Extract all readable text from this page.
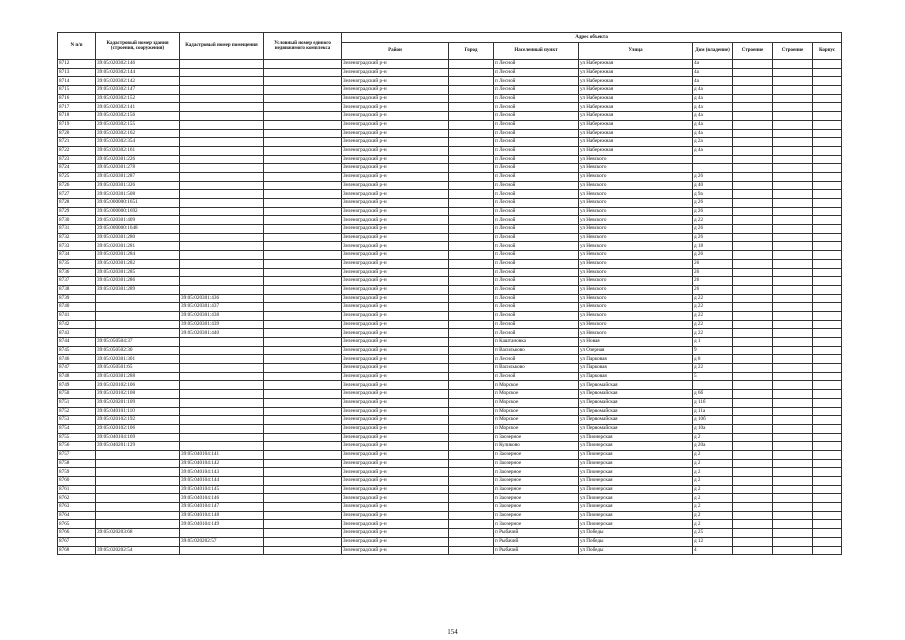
N п/п	Кадастровый номер здания (строения, сооружения)	Кадастровый номер помещения	Условный номер единого недвижимого комплекса	Адрес объекта							
				Район	Город	Населенный пункт	Улица	Дом (владение)	Строение	Строение	Корпус
8712	39:05:020302:146			Зеленоградский р-н		п Лесной	ул Набережная	4а			
8713	39:05:020302:144			Зеленоградский р-н		п Лесной	ул Набережная	4а			
8714	39:05:020302:142			Зеленоградский р-н		п Лесной	ул Набережная	4а			
8715	39:05:020302:147			Зеленоградский р-н		п Лесной	ул Набережная	д 4а			
8716	39:05:020302:152			Зеленоградский р-н		п Лесной	ул Набережная	д 4а			
8717	39:05:020302:141			Зеленоградский р-н		п Лесной	ул Набережная	д 4а			
8718	39:05:020302:156			Зеленоградский р-н		п Лесной	ул Набережная	д 4а			
8719	39:05:020302:155			Зеленоградский р-н		п Лесной	ул Набережная	д 4а			
8720	39:05:020302:162			Зеленоградский р-н		п Лесной	ул Набережная	д 4а			
8721	39:05:020302:354			Зеленоградский р-н		п Лесной	ул Набережная	д 2а			
8722	39:05:020302:161			Зеленоградский р-н		п Лесной	ул Набережная	д 4а			
8723	39:05:020301:226			Зеленоградский р-н		п Лесной	ул Невского				
8724	39:05:020301:278			Зеленоградский р-н		п Лесной	ул Невского				
8725	39:05:020301:287			Зеленоградский р-н		п Лесной	ул Невского	д 26			
8726	39:05:020301:326			Зеленоградский р-н		п Лесной	ул Невского	д 40			
8727	39:05:020301:508			Зеленоградский р-н		п Лесной	ул Невского	д 9а			
8728	39:05:000000:1651			Зеленоградский р-н		п Лесной	ул Невского	д 26			
8729	39:05:000000:1692			Зеленоградский р-н		п Лесной	ул Невского	д 26			
8730	39:05:020301:409			Зеленоградский р-н		п Лесной	ул Невского	д 22			
8731	39:05:000000:1648			Зеленоградский р-н		п Лесной	ул Невского	д 26			
8732	39:05:020301:280			Зеленоградский р-н		п Лесной	ул Невского	д 26			
8733	39:05:020301:281			Зеленоградский р-н		п Лесной	ул Невского	д 18			
8734	39:05:020301:284			Зеленоградский р-н		п Лесной	ул Невского	д 26			
8735	39:05:020301:282			Зеленоградский р-н		п Лесной	ул Невского	26			
8736	39:05:020301:285			Зеленоградский р-н		п Лесной	ул Невского	26			
8737	39:05:020301:286			Зеленоградский р-н		п Лесной	ул Невского	26			
8738	39:05:020301:289			Зеленоградский р-н		п Лесной	ул Невского	26			
8739		39:05:020301:436		Зеленоградский р-н		п Лесной	ул Невского	д 22			
8740		39:05:020301:437		Зеленоградский р-н		п Лесной	ул Невского	д 22			
8741		39:05:020301:438		Зеленоградский р-н		п Лесной	ул Невского	д 22			
8742		39:05:020301:439		Зеленоградский р-н		п Лесной	ул Невского	д 22			
8743		39:05:020301:440		Зеленоградский р-н		п Лесной	ул Невского	д 22			
8744	39:05:050504:37			Зеленоградский р-н		п Каштановка	ул Новая	д 1			
8745	39:05:050502:30			Зеленоградский р-н		п Васильково	ул Озерная	9			
8746	39:05:020301:301			Зеленоградский р-н		п Лесной	ул Парковая	д 8			
8747	39:05:050501:65			Зеленоградский р-н		п Васильково	ул Парковая	д 22			
8748	39:05:020301:288			Зеленоградский р-н		п Лесной	ул Парковая	5			
8749	39:05:020102:106			Зеленоградский р-н		п Морское	ул Первомайская				
8750	39:05:020102:108			Зеленоградский р-н		п Морское	ул Первомайская	д 6б			
8751	39:05:020201:109			Зеленоградский р-н		п Морское	ул Первомайская	д 11б			
8752	39:05:040101:110			Зеленоградский р-н		п Морское	ул Первомайская	д 11а			
8753	39:05:020102:192			Зеленоградский р-н		п Морское	ул Первомайская	д 10б			
8754	39:05:020102:106			Зеленоградский р-н		п Морское	ул Первомайская	д 10а			
8755	39:05:040104:169			Зеленоградский р-н		п Заозерное	ул Пионерская	д 2			
8756	39:05:040201:129			Зеленоградский р-н		п Куликово	ул Пионерская	д 20а			
8757		39:05:040104:141		Зеленоградский р-н		п Заозерное	ул Пионерская	д 2			
8758		39:05:040104:142		Зеленоградский р-н		п Заозерное	ул Пионерская	д 2			
8759		39:05:040104:143		Зеленоградский р-н		п Заозерное	ул Пионерская	д 2			
8760		39:05:040104:144		Зеленоградский р-н		п Заозерное	ул Пионерская	д 2			
8761		39:05:040104:145		Зеленоградский р-н		п Заозерное	ул Пионерская	д 2			
8762		39:05:040104:146		Зеленоградский р-н		п Заозерное	ул Пионерская	д 2			
8763		39:05:040104:147		Зеленоградский р-н		п Заозерное	ул Пионерская	д 2			
8764		39:05:040104:148		Зеленоградский р-н		п Заозерное	ул Пионерская	д 2			
8765		39:05:040104:149		Зеленоградский р-н		п Заозерное	ул Пионерская	д 2			
8766	39:05:020203:68			Зеленоградский р-н		п Рыбачий	ул Победы	д 25			
8767		39:05:020202:57		Зеленоградский р-н		п Рыбачий	ул Победы	д 12			
8768	39:05:020202:54			Зеленоградский р-н		п Рыбачий	ул Победы	4			
154
